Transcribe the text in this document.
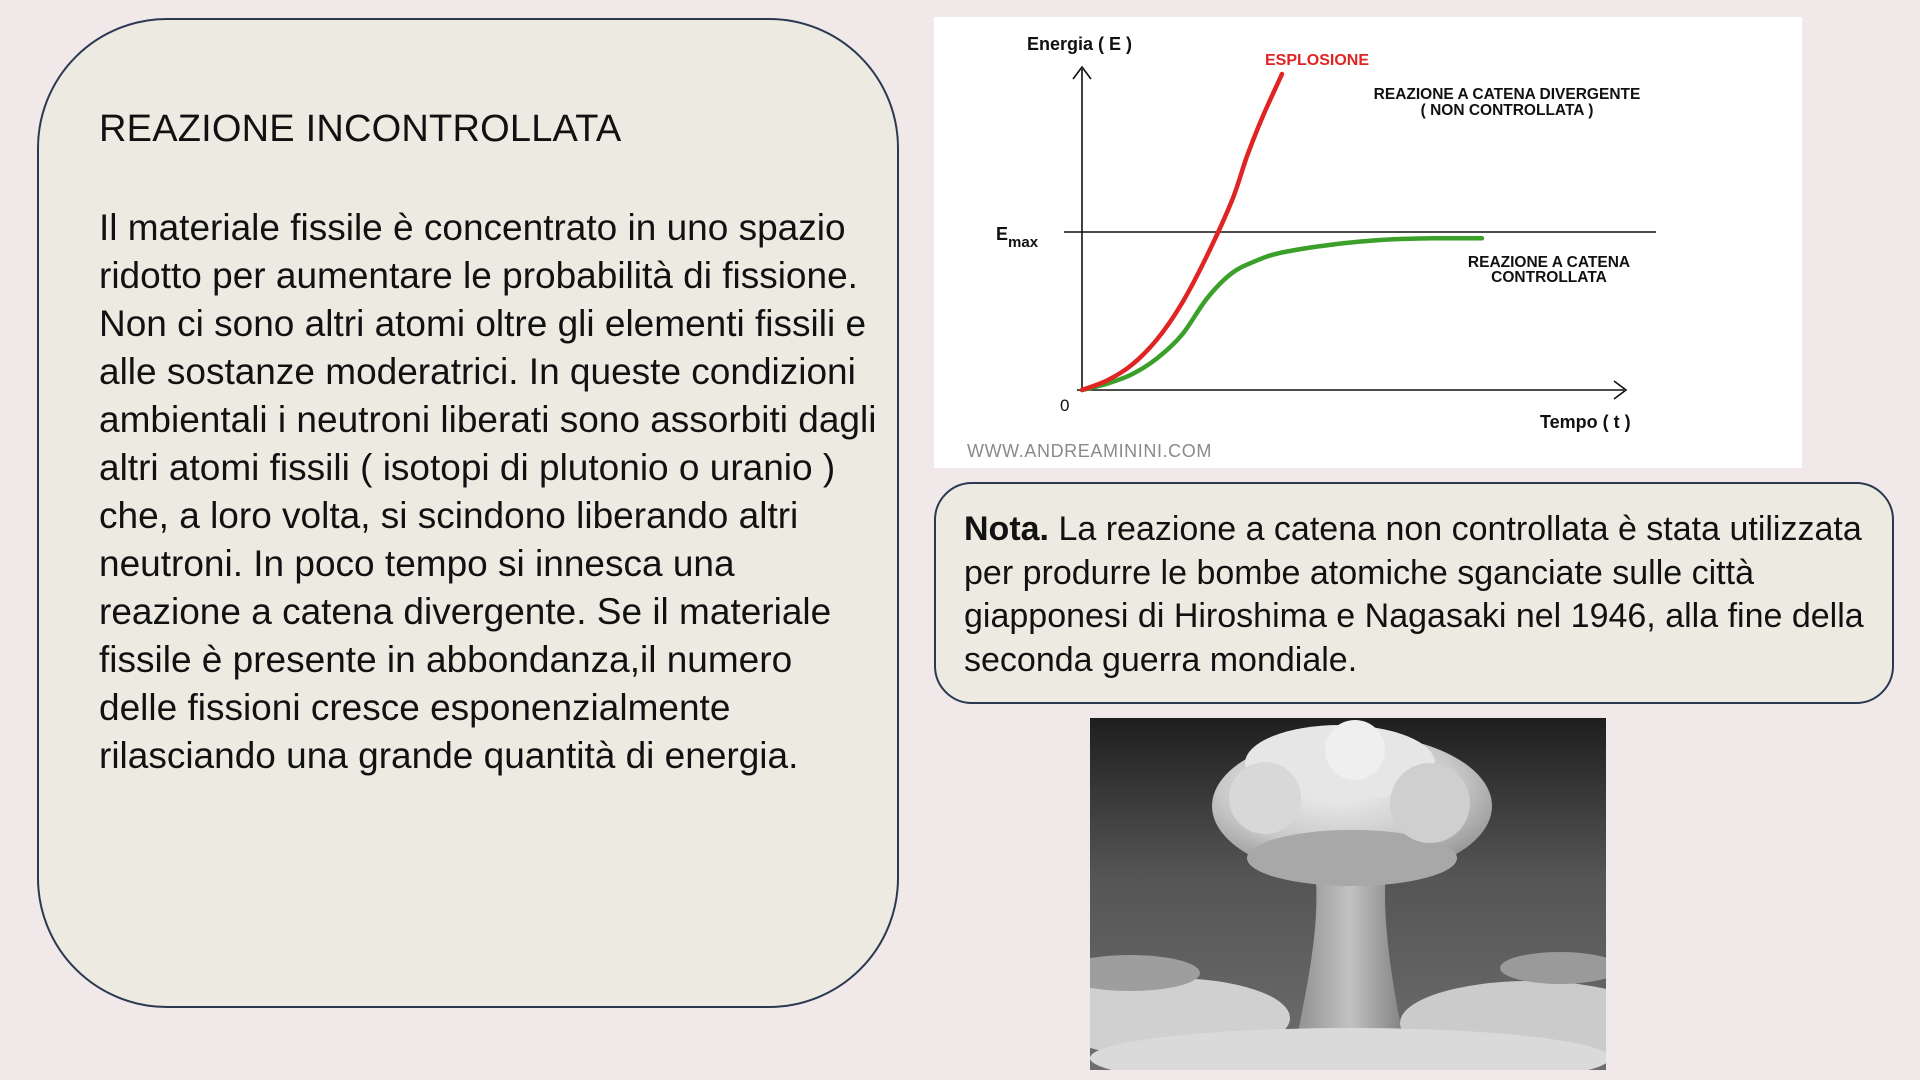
REAZIONE INCONTROLLATA

Il materiale fissile è concentrato in uno spazio ridotto per aumentare le probabilità di fissione. Non ci sono altri atomi oltre gli elementi fissili e alle sostanze moderatrici. In queste condizioni ambientali i neutroni liberati sono assorbiti dagli altri atomi fissili ( isotopi di plutonio o uranio ) che, a loro volta, si scindono liberando altri neutroni. In poco tempo si innesca una reazione a catena divergente. Se il materiale fissile è presente in abbondanza,il numero delle fissioni cresce esponenzialmente rilasciando una grande quantità di energia.

Energia ( E )
Tempo ( t )
0
$E_{max}$
ESPLOSIONE
REAZIONE A CATENA DIVERGENTE
( NON CONTROLLATA )
REAZIONE A CATENA
CONTROLLATA
WWW.ANDREAMININI.COM

Nota. La reazione a catena non controllata è stata utilizzata per produrre le bombe atomiche sganciate sulle città giapponesi di Hiroshima e Nagasaki nel 1946, alla fine della seconda guerra mondiale.
